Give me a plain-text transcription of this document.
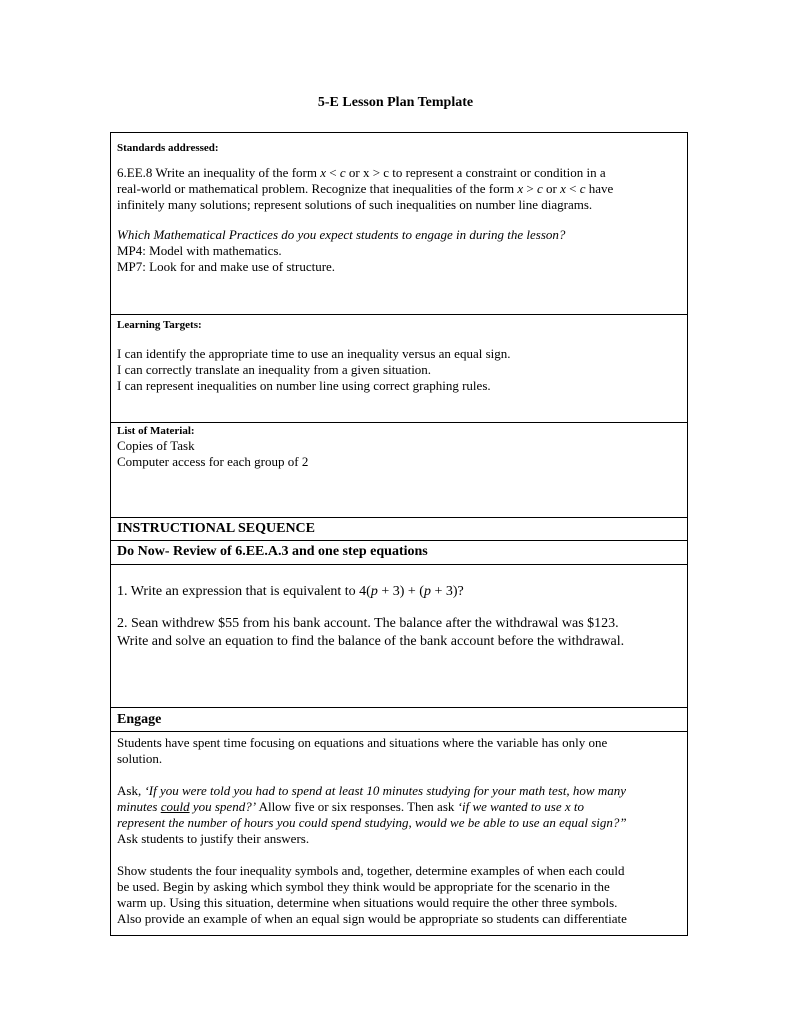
5-E Lesson Plan Template
Standards addressed:

6.EE.8 Write an inequality of the form x < c or x > c to represent a constraint or condition in a
real-world or mathematical problem. Recognize that inequalities of the form x > c or x < c have
infinitely many solutions; represent solutions of such inequalities on number line diagrams.

Which Mathematical Practices do you expect students to engage in during the lesson?
MP4: Model with mathematics.
MP7: Look for and make use of structure.

Learning Targets:
I can identify the appropriate time to use an inequality versus an equal sign.
I can correctly translate an inequality from a given situation.
I can represent inequalities on number line using correct graphing rules.
List of Material:
Copies of Task
Computer access for each group of 2
INSTRUCTIONAL SEQUENCE
Do Now- Review of 6.EE.A.3 and one step equations
1. Write an expression that is equivalent to 4(p + 3) + (p + 3)?
2. Sean withdrew $55 from his bank account. The balance after the withdrawal was $123.
Write and solve an equation to find the balance of the bank account before the withdrawal.
Engage

Students have spent time focusing on equations and situations where the variable has only one
solution.

Ask, ‘If you were told you had to spend at least 10 minutes studying for your math test, how many
minutes could you spend?’ Allow five or six responses. Then ask ‘if we wanted to use x to
represent the number of hours you could spend studying, would we be able to use an equal sign?”
Ask students to justify their answers.

Show students the four inequality symbols and, together, determine examples of when each could
be used. Begin by asking which symbol they think would be appropriate for the scenario in the
warm up. Using this situation, determine when situations would require the other three symbols.
Also provide an example of when an equal sign would be appropriate so students can differentiate
